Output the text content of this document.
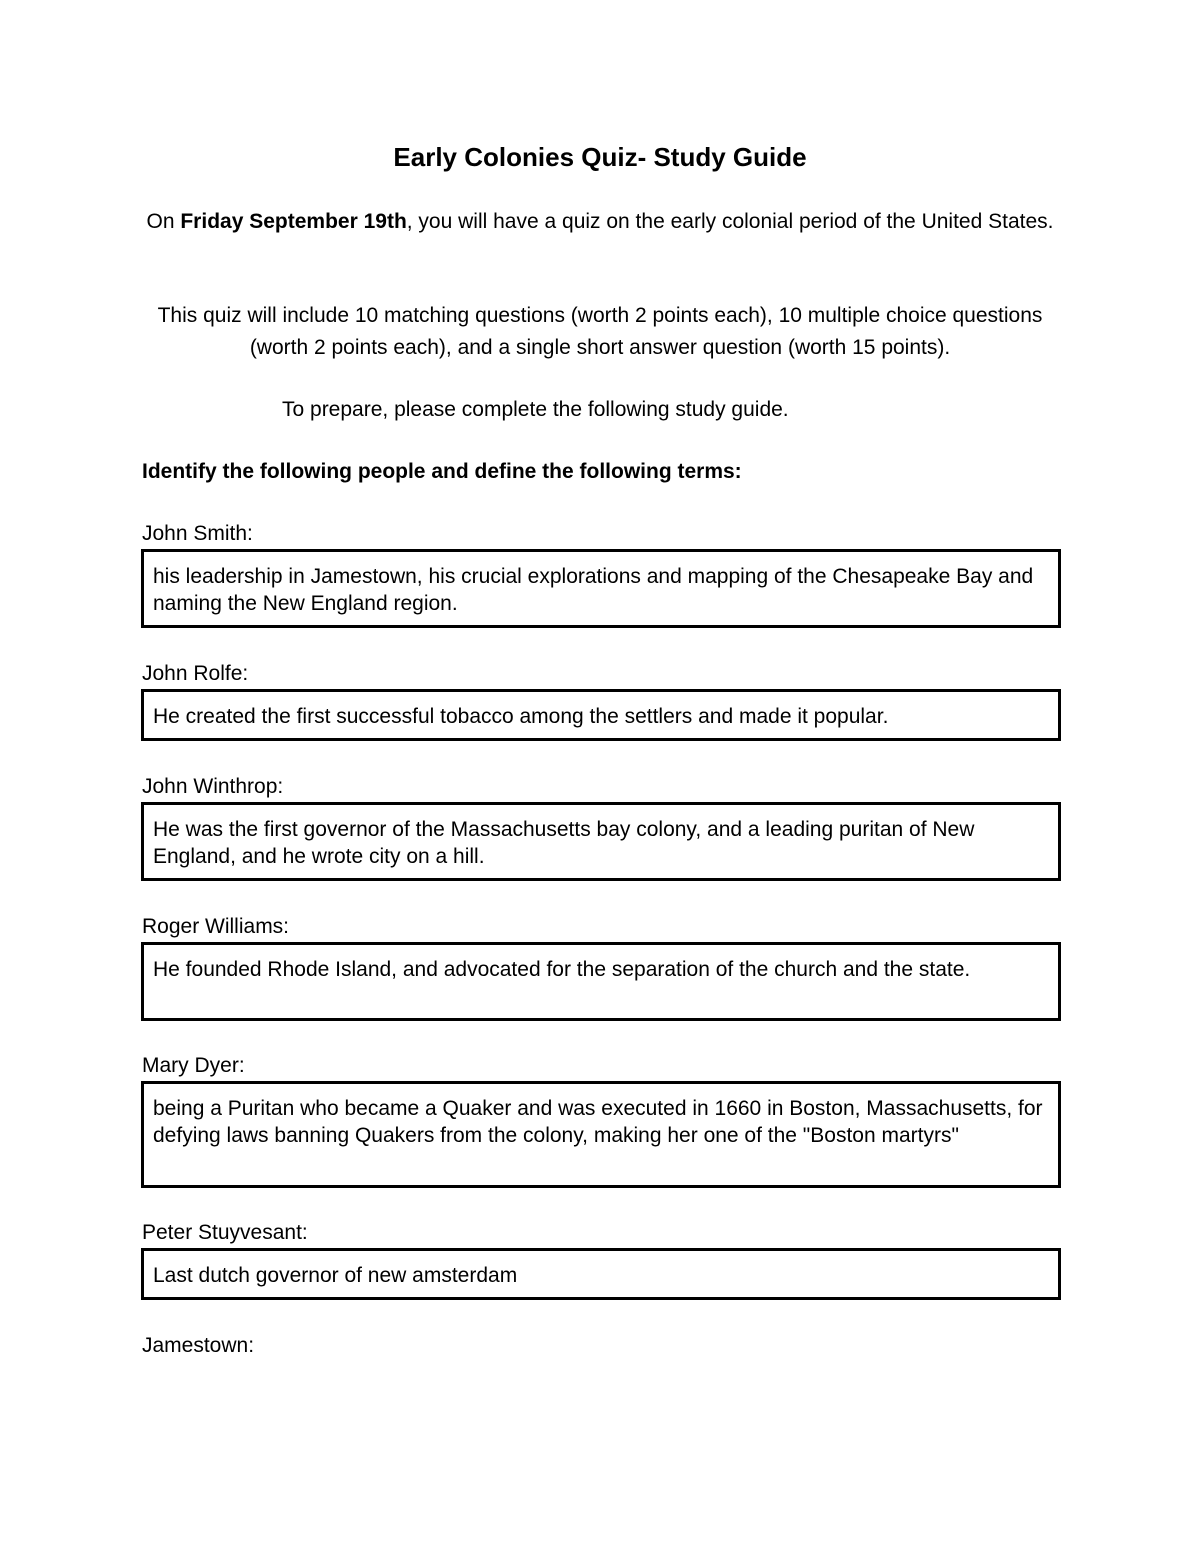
Early Colonies Quiz- Study Guide
On Friday September 19th, you will have a quiz on the early colonial period of the United States.
This quiz will include 10 matching questions (worth 2 points each), 10 multiple choice questions (worth 2 points each), and a single short answer question (worth 15 points).
To prepare, please complete the following study guide.
Identify the following people and define the following terms:
John Smith:
his leadership in Jamestown, his crucial explorations and mapping of the Chesapeake Bay and naming the New England region.
John Rolfe:
He created the first successful tobacco among the settlers and made it popular.
John Winthrop:
He was the first governor of the Massachusetts bay colony, and a leading puritan of New England, and he wrote city on a hill.
Roger Williams:
He founded Rhode Island, and advocated for the separation of the church and the state.
Mary Dyer:
being a Puritan who became a Quaker and was executed in 1660 in Boston, Massachusetts, for defying laws banning Quakers from the colony, making her one of the "Boston martyrs"
Peter Stuyvesant:
Last dutch governor of new amsterdam
Jamestown:
